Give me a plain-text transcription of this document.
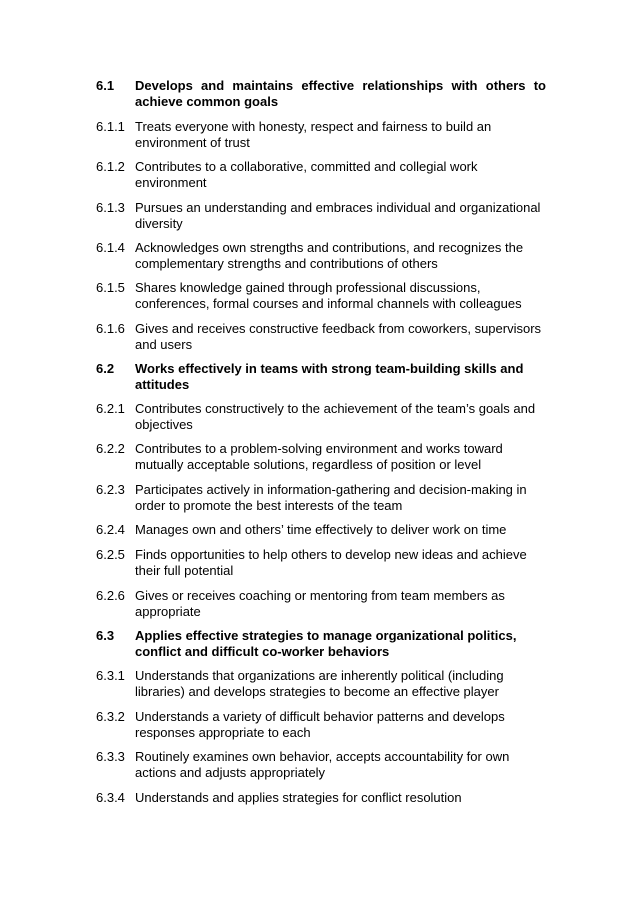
6.1	Develops and maintains effective relationships with others to achieve common goals
6.1.1 Treats everyone with honesty, respect and fairness to build an environment of trust
6.1.2 Contributes to a collaborative, committed and collegial work environment
6.1.3 Pursues an understanding and embraces individual and organizational diversity
6.1.4 Acknowledges own strengths and contributions, and recognizes the complementary strengths and contributions of others
6.1.5 Shares knowledge gained through professional discussions, conferences, formal courses and informal channels with colleagues
6.1.6 Gives and receives constructive feedback from coworkers, supervisors and users
6.2	Works effectively in teams with strong team-building skills and attitudes
6.2.1 Contributes constructively to the achievement of the team’s goals and objectives
6.2.2 Contributes to a problem-solving environment and works toward mutually acceptable solutions, regardless of position or level
6.2.3 Participates actively in information-gathering and decision-making in order to promote the best interests of the team
6.2.4 Manages own and others’ time effectively to deliver work on time
6.2.5 Finds opportunities to help others to develop new ideas and achieve their full potential
6.2.6 Gives or receives coaching or mentoring from team members as appropriate
6.3	Applies effective strategies to manage organizational politics, conflict and difficult co-worker behaviors
6.3.1 Understands that organizations are inherently political (including libraries) and develops strategies to become an effective player
6.3.2 Understands a variety of difficult behavior patterns and develops responses appropriate to each
6.3.3 Routinely examines own behavior, accepts accountability for own actions and adjusts appropriately
6.3.4 Understands and applies strategies for conflict resolution
